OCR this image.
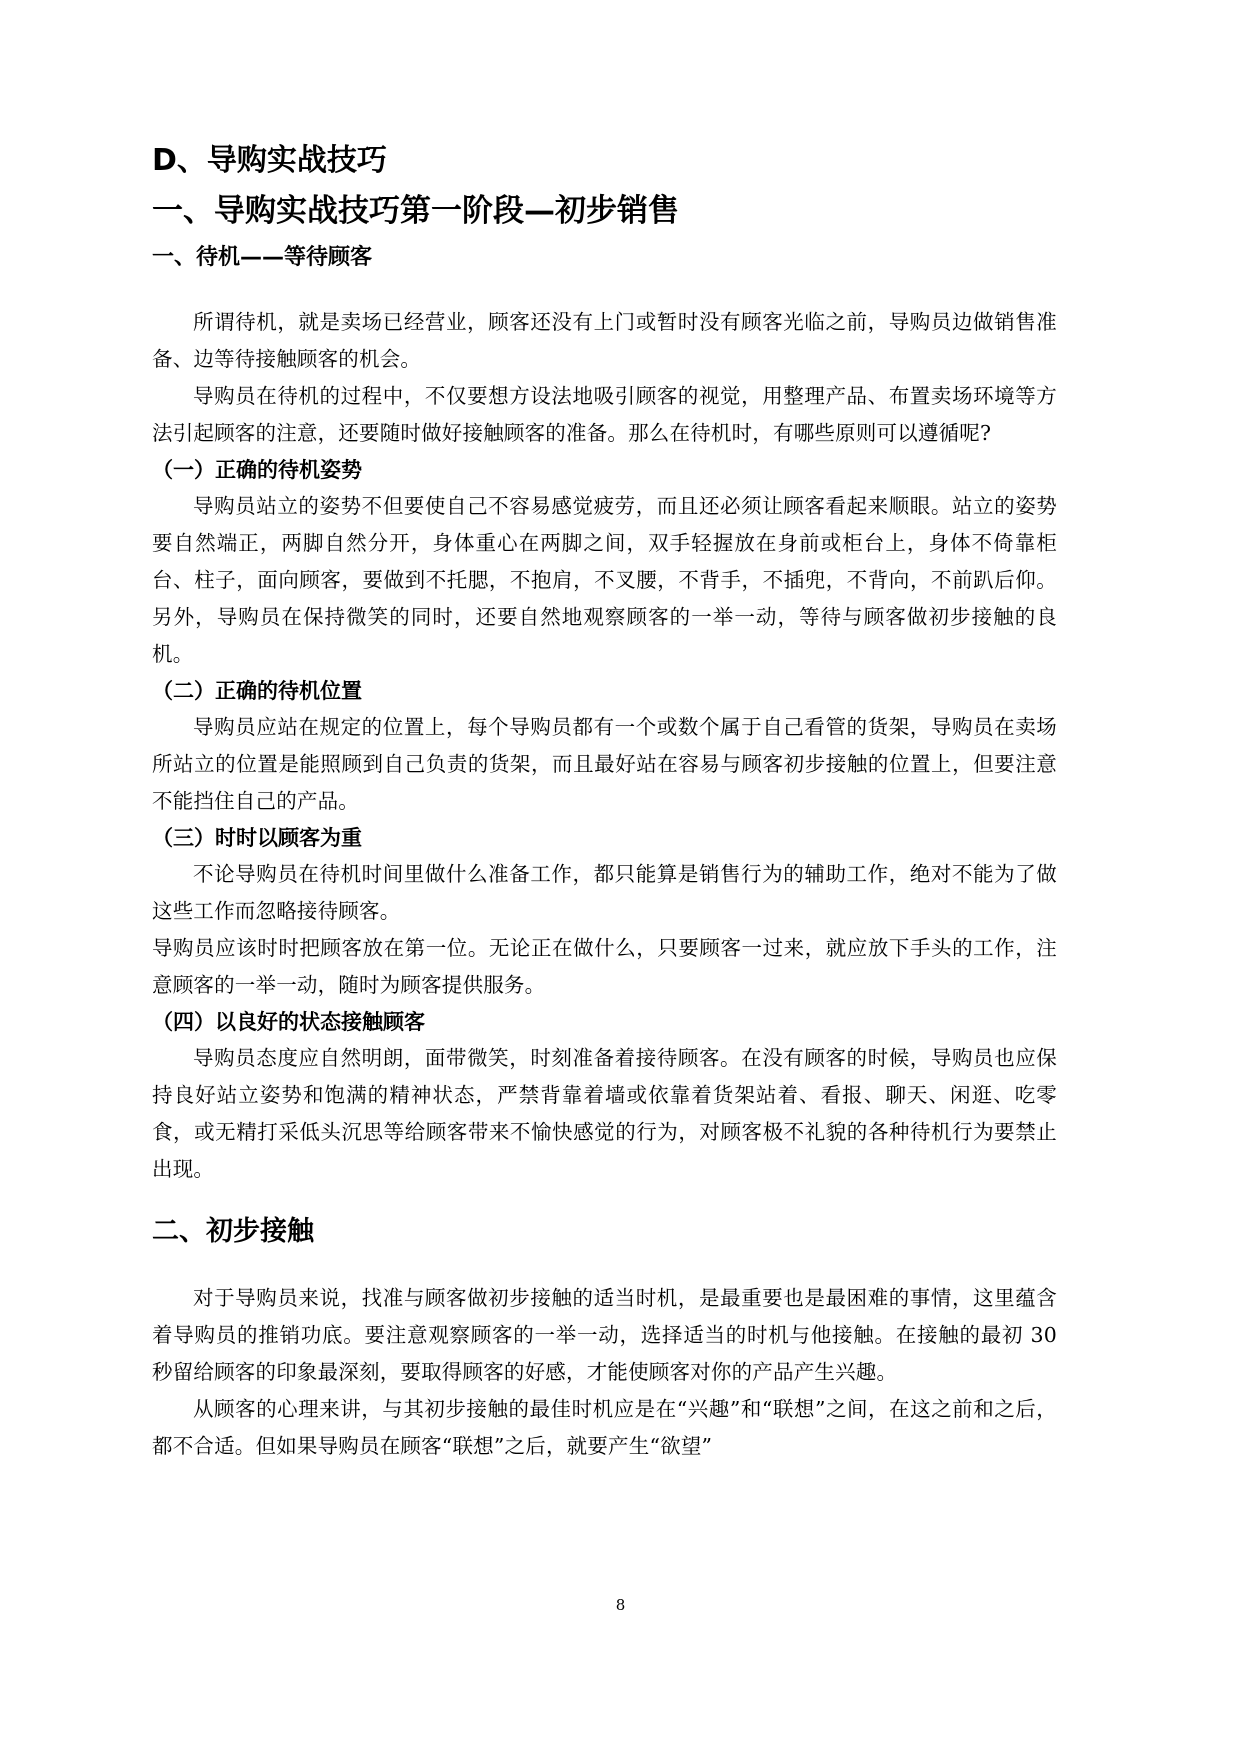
D、导购实战技巧
一、导购实战技巧第一阶段—初步销售
一、待机——等待顾客

所谓待机，就是卖场已经营业，顾客还没有上门或暂时没有顾客光临之前，导购员边做销售准备、边等待接触顾客的机会。

导购员在待机的过程中，不仅要想方设法地吸引顾客的视觉，用整理产品、布置卖场环境等方法引起顾客的注意，还要随时做好接触顾客的准备。那么在待机时，有哪些原则可以遵循呢?

（一）正确的待机姿势

导购员站立的姿势不但要使自己不容易感觉疲劳，而且还必须让顾客看起来顺眼。站立的姿势要自然端正，两脚自然分开，身体重心在两脚之间，双手轻握放在身前或柜台上，身体不倚靠柜台、柱子，面向顾客，要做到不托腮，不抱肩，不叉腰，不背手，不插兜，不背向，不前趴后仰。另外，导购员在保持微笑的同时，还要自然地观察顾客的一举一动，等待与顾客做初步接触的良机。

（二）正确的待机位置

导购员应站在规定的位置上，每个导购员都有一个或数个属于自己看管的货架，导购员在卖场所站立的位置是能照顾到自己负责的货架，而且最好站在容易与顾客初步接触的位置上，但要注意不能挡住自己的产品。

（三）时时以顾客为重

不论导购员在待机时间里做什么准备工作，都只能算是销售行为的辅助工作，绝对不能为了做这些工作而忽略接待顾客。

导购员应该时时把顾客放在第一位。无论正在做什么，只要顾客一过来，就应放下手头的工作，注意顾客的一举一动，随时为顾客提供服务。

（四）以良好的状态接触顾客

导购员态度应自然明朗，面带微笑，时刻准备着接待顾客。在没有顾客的时候，导购员也应保持良好站立姿势和饱满的精神状态，严禁背靠着墙或依靠着货架站着、看报、聊天、闲逛、吃零食，或无精打采低头沉思等给顾客带来不愉快感觉的行为，对顾客极不礼貌的各种待机行为要禁止出现。

二、初步接触

对于导购员来说，找准与顾客做初步接触的适当时机，是最重要也是最困难的事情，这里蕴含着导购员的推销功底。要注意观察顾客的一举一动，选择适当的时机与他接触。在接触的最初 30 秒留给顾客的印象最深刻，要取得顾客的好感，才能使顾客对你的产品产生兴趣。

从顾客的心理来讲，与其初步接触的最佳时机应是在“兴趣”和“联想”之间，在这之前和之后，都不合适。但如果导购员在顾客“联想”之后，就要产生“欲望”

8
